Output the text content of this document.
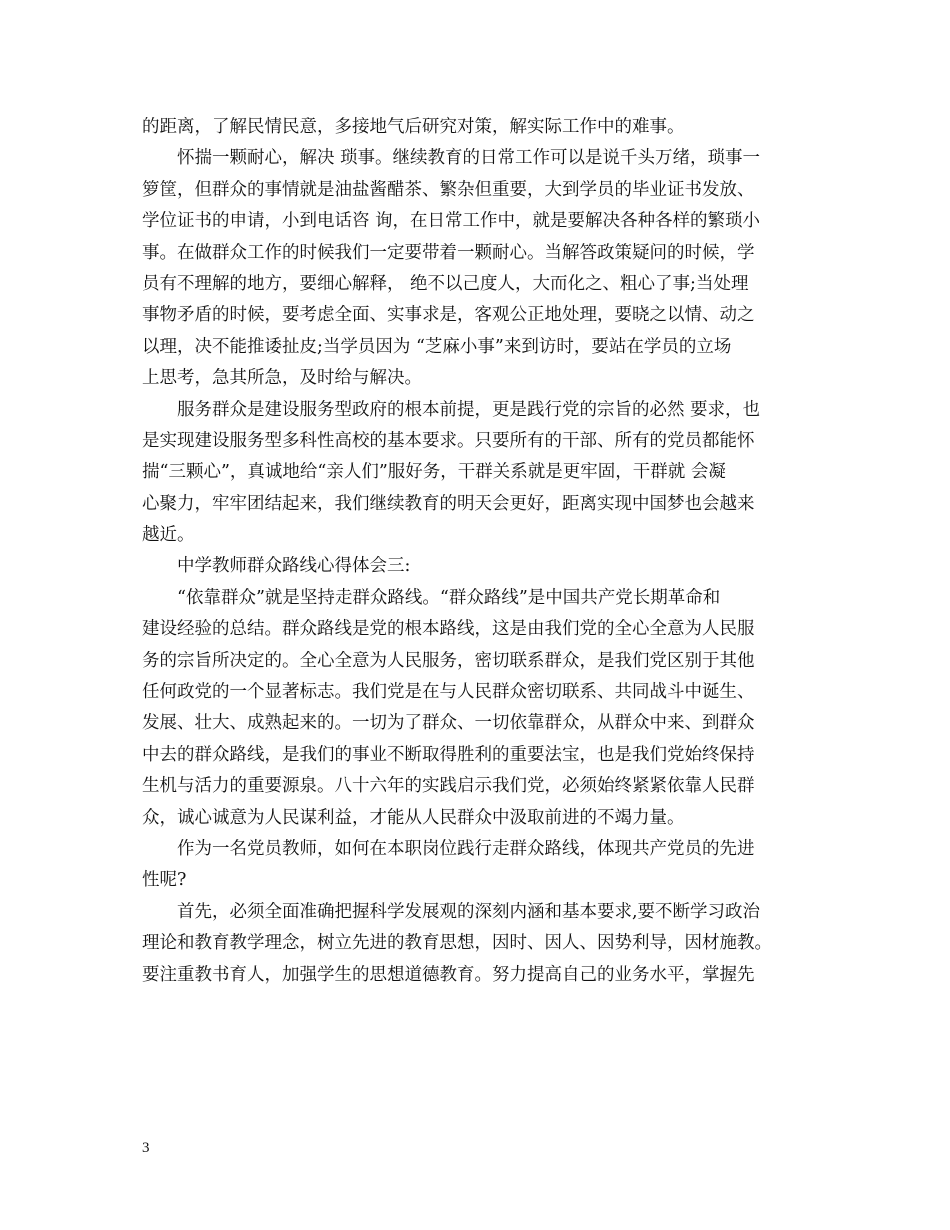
的距离，了解民情民意，多接地气后研究对策，解实际工作中的难事。

　　怀揣一颗耐心，解决 琐事。继续教育的日常工作可以是说千头万绪，琐事一

箩筐，但群众的事情就是油盐酱醋茶、繁杂但重要，大到学员的毕业证书发放、

学位证书的申请，小到电话咨 询，在日常工作中，就是要解决各种各样的繁琐小

事。在做群众工作的时候我们一定要带着一颗耐心。当解答政策疑问的时候，学

员有不理解的地方，要细心解释， 绝不以己度人，大而化之、粗心了事;当处理

事物矛盾的时候，要考虑全面、实事求是，客观公正地处理，要晓之以情、动之

以理，决不能推诿扯皮;当学员因为 “芝麻小事”来到访时，要站在学员的立场

上思考，急其所急，及时给与解决。

　　服务群众是建设服务型政府的根本前提，更是践行党的宗旨的必然 要求，也

是实现建设服务型多科性高校的基本要求。只要所有的干部、所有的党员都能怀

揣“三颗心”，真诚地给“亲人们”服好务，干群关系就是更牢固，干群就 会凝

心聚力，牢牢团结起来，我们继续教育的明天会更好，距离实现中国梦也会越来

越近。

　　中学教师群众路线心得体会三:

　　“依靠群众”就是坚持走群众路线。“群众路线”是中国共产党长期革命和

建设经验的总结。群众路线是党的根本路线，这是由我们党的全心全意为人民服

务的宗旨所决定的。全心全意为人民服务，密切联系群众，是我们党区别于其他

任何政党的一个显著标志。我们党是在与人民群众密切联系、共同战斗中诞生、

发展、壮大、成熟起来的。一切为了群众、一切依靠群众，从群众中来、到群众

中去的群众路线，是我们的事业不断取得胜利的重要法宝，也是我们党始终保持

生机与活力的重要源泉。八十六年的实践启示我们党，必须始终紧紧依靠人民群

众，诚心诚意为人民谋利益，才能从人民群众中汲取前进的不竭力量。

　　作为一名党员教师，如何在本职岗位践行走群众路线，体现共产党员的先进

性呢?

　　首先，必须全面准确把握科学发展观的深刻内涵和基本要求,要不断学习政治

理论和教育教学理念，树立先进的教育思想，因时、因人、因势利导，因材施教。

要注重教书育人，加强学生的思想道德教育。努力提高自己的业务水平，掌握先

3
